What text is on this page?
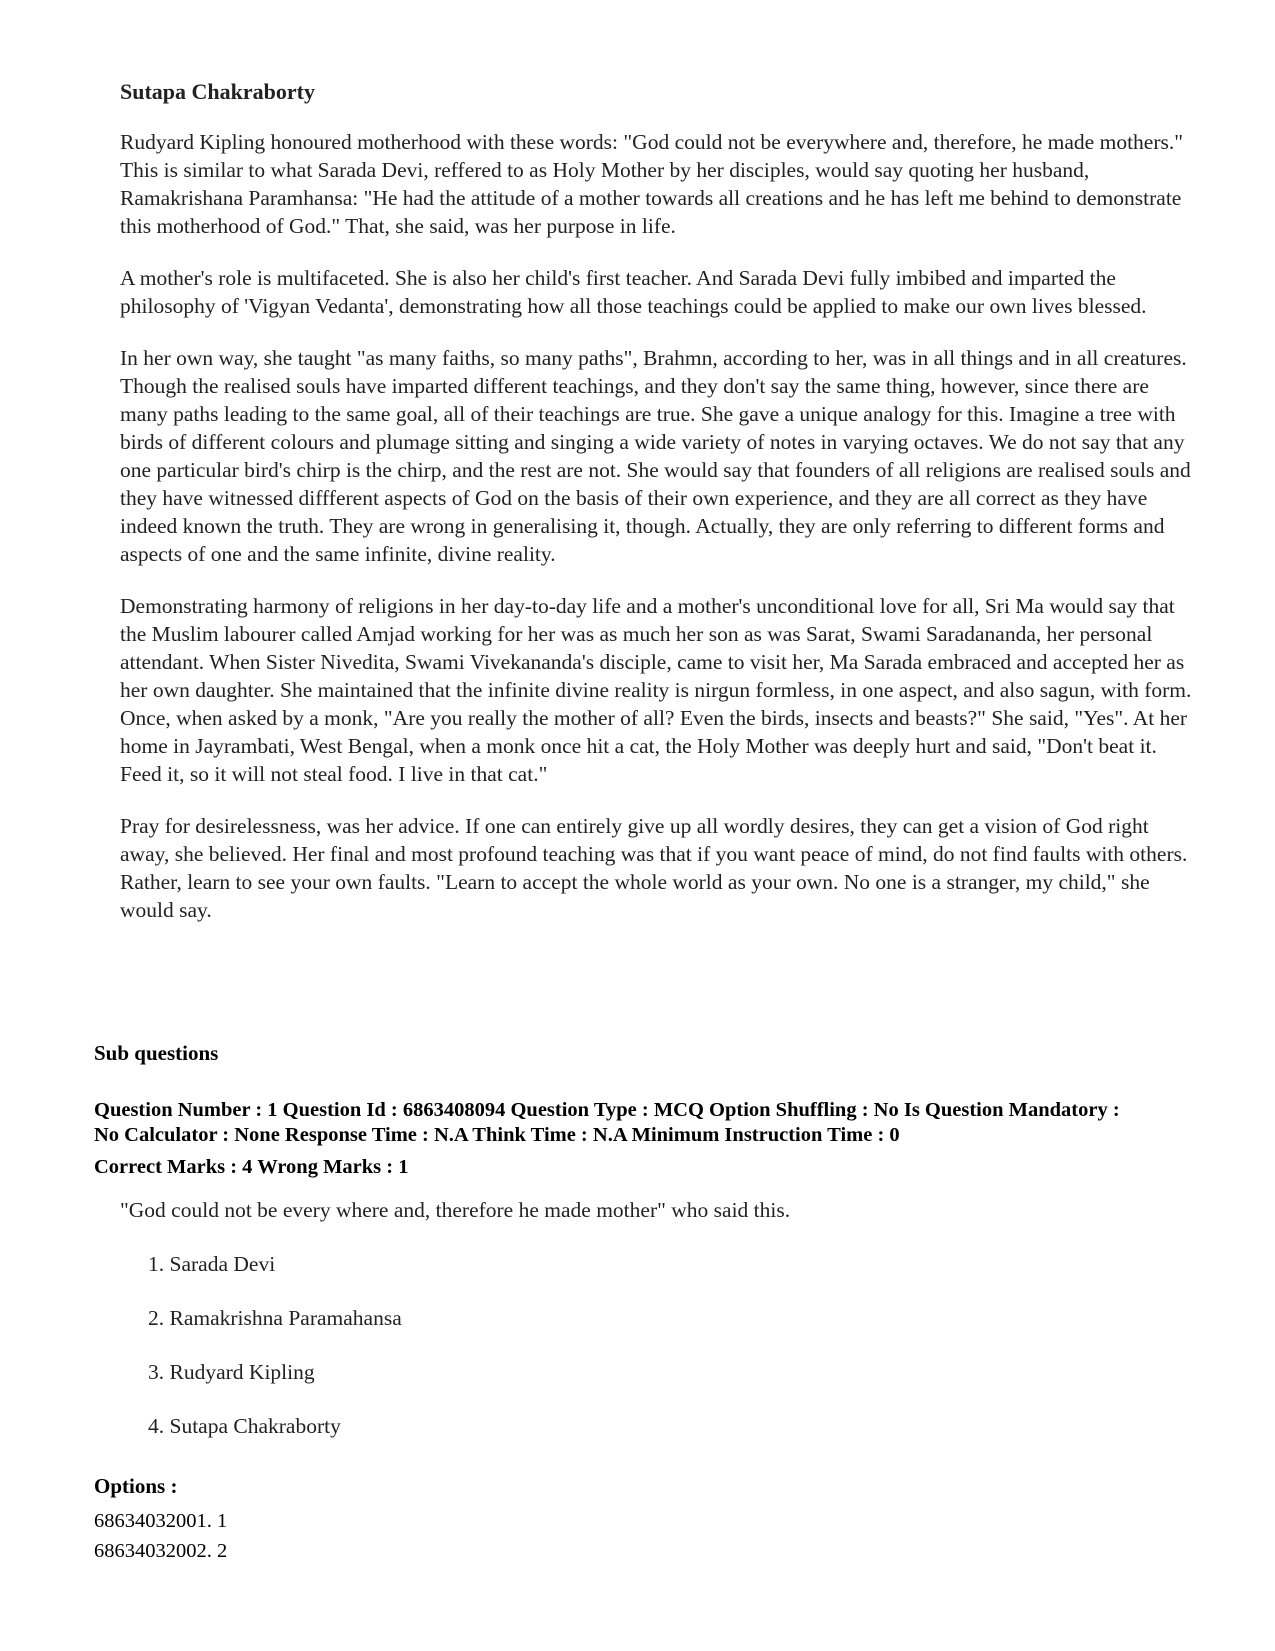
Sutapa Chakraborty

Rudyard Kipling honoured motherhood with these words: "God could not be everywhere and, therefore, he made mothers." This is similar to what Sarada Devi, reffered to as Holy Mother by her disciples, would say quoting her husband, Ramakrishana Paramhansa: "He had the attitude of a mother towards all creations and he has left me behind to demonstrate this motherhood of God." That, she said, was her purpose in life.

A mother's role is multifaceted. She is also her child's first teacher. And Sarada Devi fully imbibed and imparted the philosophy of 'Vigyan Vedanta', demonstrating how all those teachings could be applied to make our own lives blessed.

In her own way, she taught "as many faiths, so many paths", Brahmn, according to her, was in all things and in all creatures. Though the realised souls have imparted different teachings, and they don't say the same thing, however, since there are many paths leading to the same goal, all of their teachings are true. She gave a unique analogy for this. Imagine a tree with birds of different colours and plumage sitting and singing a wide variety of notes in varying octaves. We do not say that any one particular bird's chirp is the chirp, and the rest are not. She would say that founders of all religions are realised souls and they have witnessed diffferent aspects of God on the basis of their own experience, and they are all correct as they have indeed known the truth. They are wrong in generalising it, though. Actually, they are only referring to different forms and aspects of one and the same infinite, divine reality.

Demonstrating harmony of religions in her day-to-day life and a mother's unconditional love for all, Sri Ma would say that the Muslim labourer called Amjad working for her was as much her son as was Sarat, Swami Saradananda, her personal attendant. When Sister Nivedita, Swami Vivekananda's disciple, came to visit her, Ma Sarada embraced and accepted her as her own daughter. She maintained that the infinite divine reality is nirgun formless, in one aspect, and also sagun, with form. Once, when asked by a monk, "Are you really the mother of all? Even the birds, insects and beasts?" She said, "Yes". At her home in Jayrambati, West Bengal, when a monk once hit a cat, the Holy Mother was deeply hurt and said, "Don't beat it. Feed it, so it will not steal food. I live in that cat."

Pray for desirelessness, was her advice. If one can entirely give up all wordly desires, they can get a vision of God right away, she believed. Her final and most profound teaching was that if you want peace of mind, do not find faults with others. Rather, learn to see your own faults. "Learn to accept the whole world as your own. No one is a stranger, my child," she would say.

Sub questions

Question Number : 1 Question Id : 6863408094 Question Type : MCQ Option Shuffling : No Is Question Mandatory :

No Calculator : None Response Time : N.A Think Time : N.A Minimum Instruction Time : 0

Correct Marks : 4 Wrong Marks : 1
"God could not be every where and, therefore he made mother" who said this.
1. Sarada Devi
2. Ramakrishna Paramahansa
3. Rudyard Kipling
4. Sutapa Chakraborty
Options :
68634032001. 1
68634032002. 2
